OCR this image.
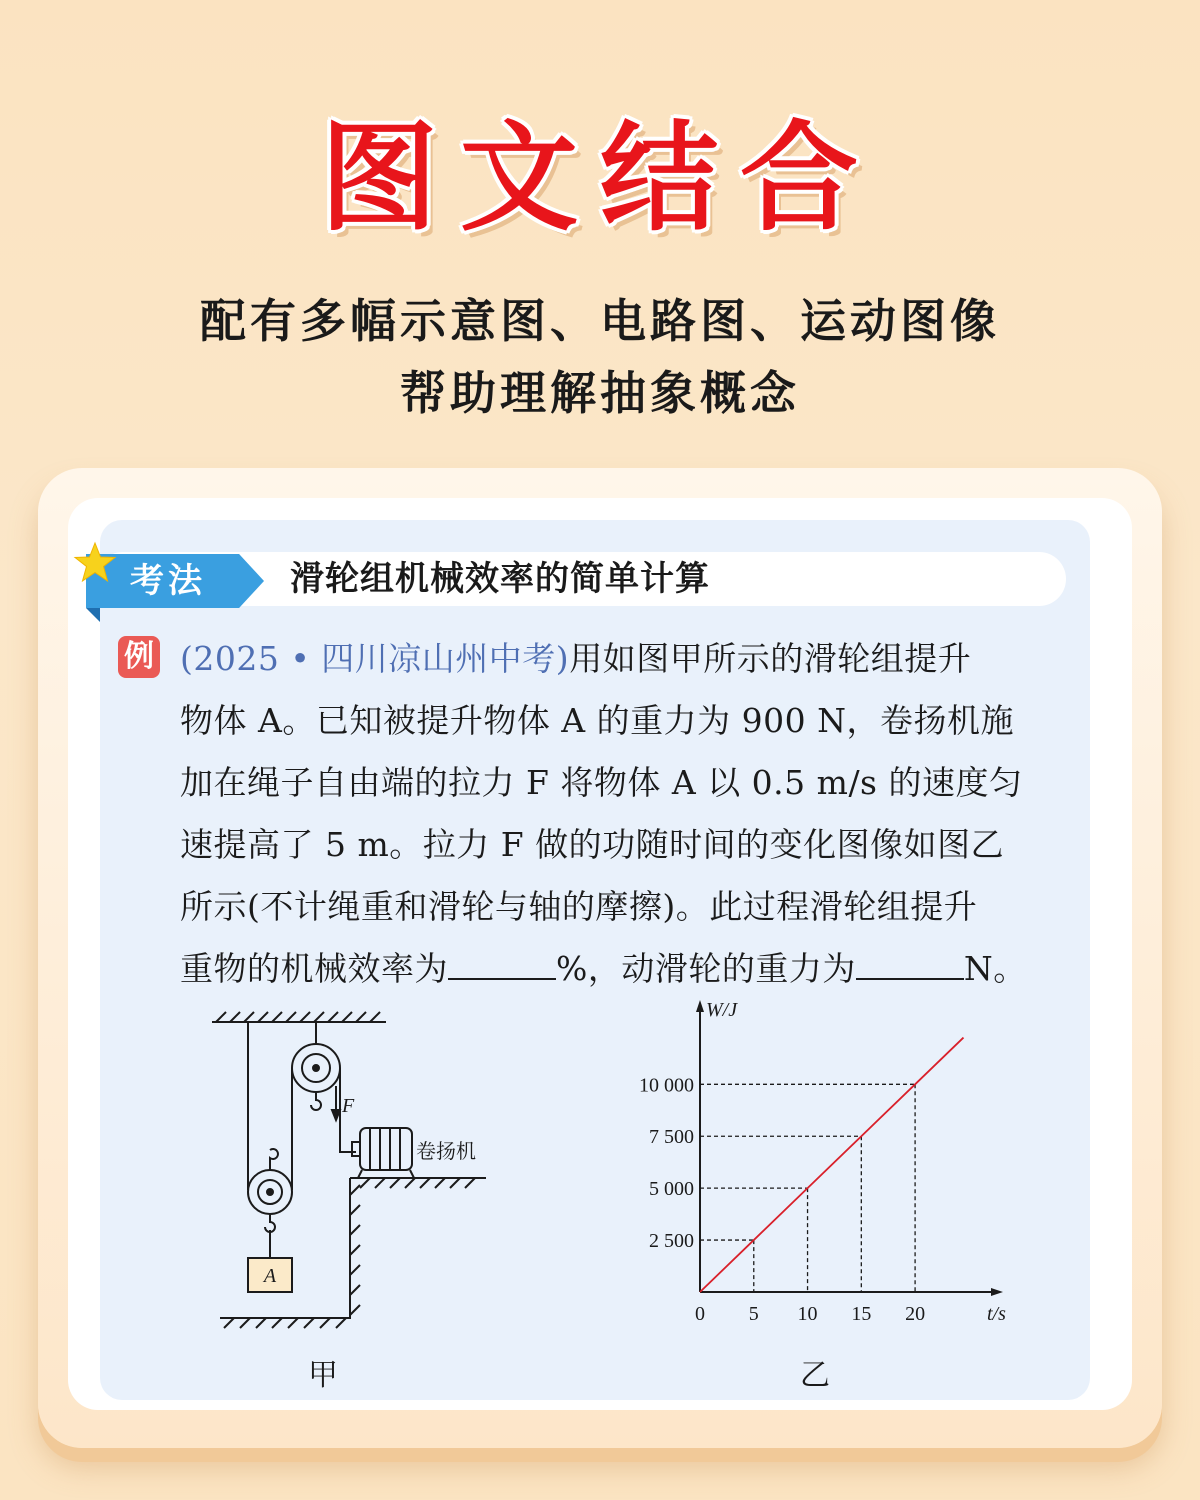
图文结合
配有多幅示意图、电路图、运动图像
帮助理解抽象概念
考法 滑轮组机械效率的简单计算
例 (2025 • 四川凉山州中考)用如图甲所示的滑轮组提升
物体 A。已知被提升物体 A 的重力为 900 N，卷扬机施
加在绳子自由端的拉力 F 将物体 A 以 0.5 m/s 的速度匀
速提高了 5 m。拉力 F 做的功随时间的变化图像如图乙
所示(不计绳重和滑轮与轴的摩擦)。此过程滑轮组提升
重物的机械效率为	%，动滑轮的重力为	N。
A
F
卷扬机
0 5 10 15 20
2 500
5 000
7 500
10 000
t/s
W/J
甲	乙
